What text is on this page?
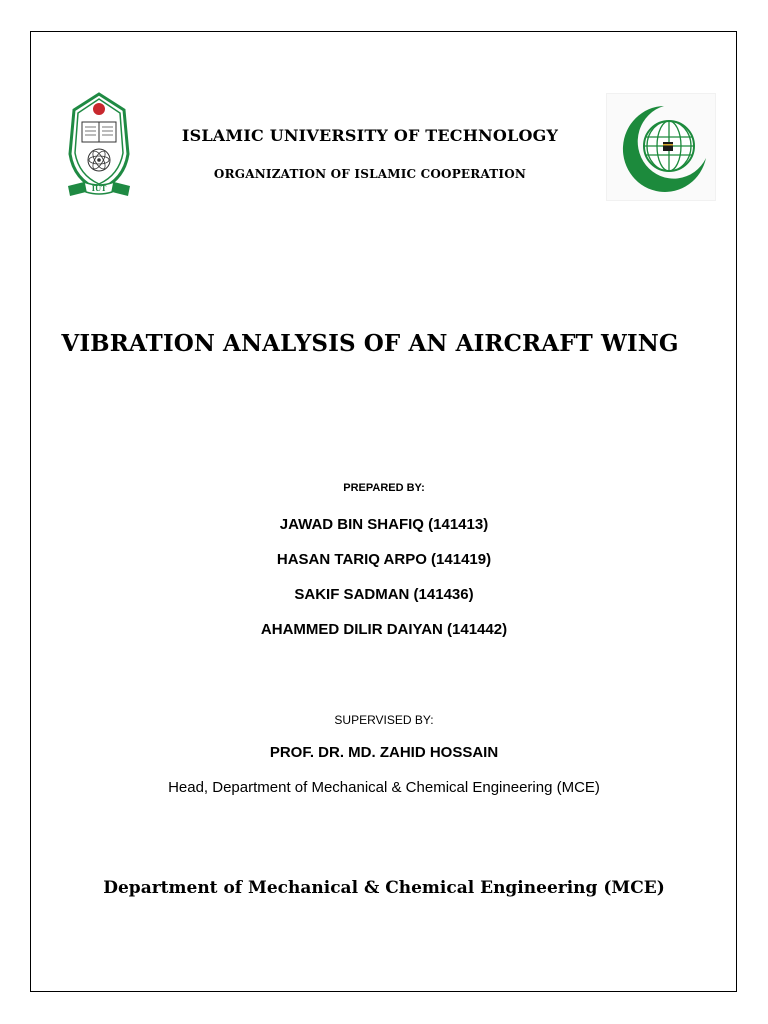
IUT
ISLAMIC UNIVERSITY OF TECHNOLOGY
ORGANIZATION OF ISLAMIC COOPERATION
VIBRATION ANALYSIS OF AN AIRCRAFT WING
PREPARED BY:
JAWAD BIN SHAFIQ (141413)
HASAN TARIQ ARPO (141419)
SAKIF SADMAN (141436)
AHAMMED DILIR DAIYAN (141442)
SUPERVISED BY:
PROF. DR. MD. ZAHID HOSSAIN
Head, Department of Mechanical & Chemical Engineering (MCE)
Department of Mechanical & Chemical Engineering (MCE)
